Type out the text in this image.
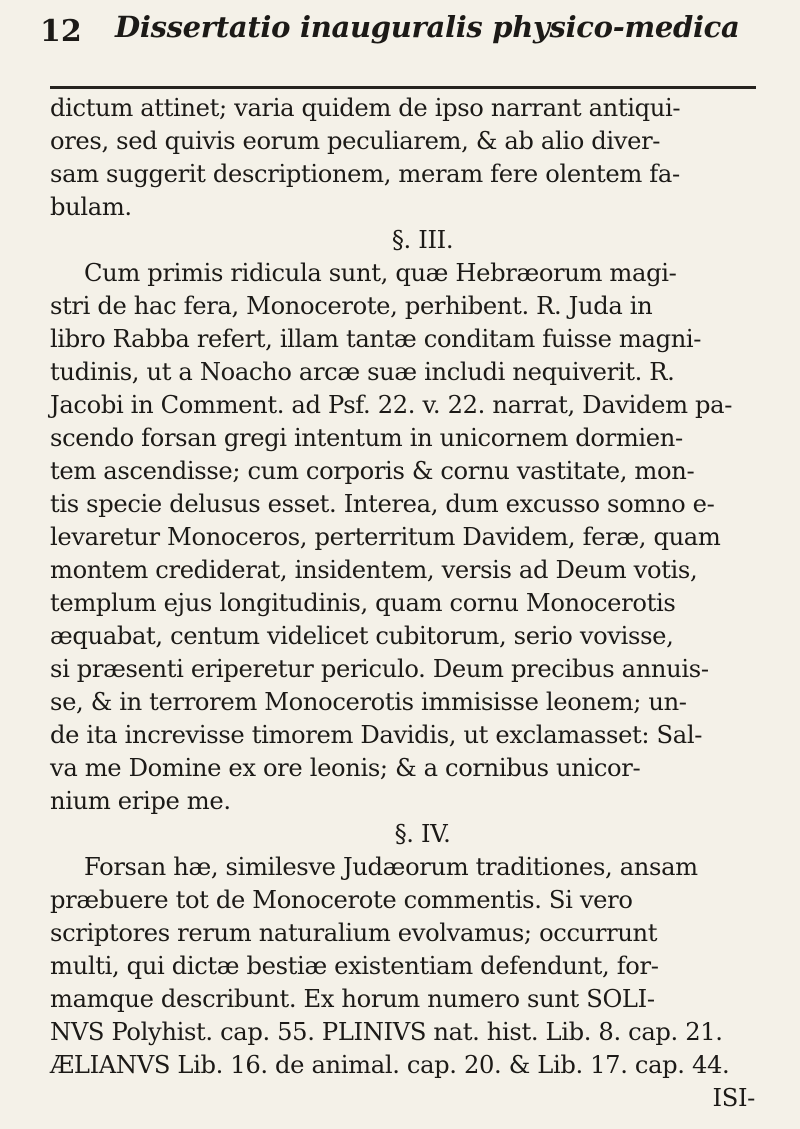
12 Dissertatio inauguralis physico-medica
dictum attinet; varia quidem de ipso narrant antiqui-
ores, sed quivis eorum peculiarem, & ab alio diver-
sam suggerit descriptionem, meram fere olentem fa-
bulam.
§. III.
Cum primis ridicula sunt, quæ Hebræorum magi-
stri de hac fera, Monocerote, perhibent. R. Juda in
libro Rabba refert, illam tantæ conditam fuisse magni-
tudinis, ut a Noacho arcæ suæ includi nequiverit. R.
Jacobi in Comment. ad Psf. 22. v. 22. narrat, Davidem pa-
scendo forsan gregi intentum in unicornem dormien-
tem ascendisse; cum corporis & cornu vastitate, mon-
tis specie delusus esset. Interea, dum excusso somno e-
levaretur Monoceros, perterritum Davidem, feræ, quam
montem crediderat, insidentem, versis ad Deum votis,
templum ejus longitudinis, quam cornu Monocerotis
æquabat, centum videlicet cubitorum, serio vovisse,
si præsenti eriperetur periculo. Deum precibus annuis-
se, & in terrorem Monocerotis immisisse leonem; un-
de ita increvisse timorem Davidis, ut exclamasset: Sal-
va me Domine ex ore leonis; & a cornibus unicor-
nium eripe me.
§. IV.
Forsan hæ, similesve Judæorum traditiones, ansam
præbuere tot de Monocerote commentis. Si vero
scriptores rerum naturalium evolvamus; occurrunt
multi, qui dictæ bestiæ existentiam defendunt, for-
mamque describunt. Ex horum numero sunt SOLI-
NVS Polyhist. cap. 55. PLINIVS nat. hist. Lib. 8. cap. 21.
ÆLIANVS Lib. 16. de animal. cap. 20. & Lib. 17. cap. 44.
ISI-
